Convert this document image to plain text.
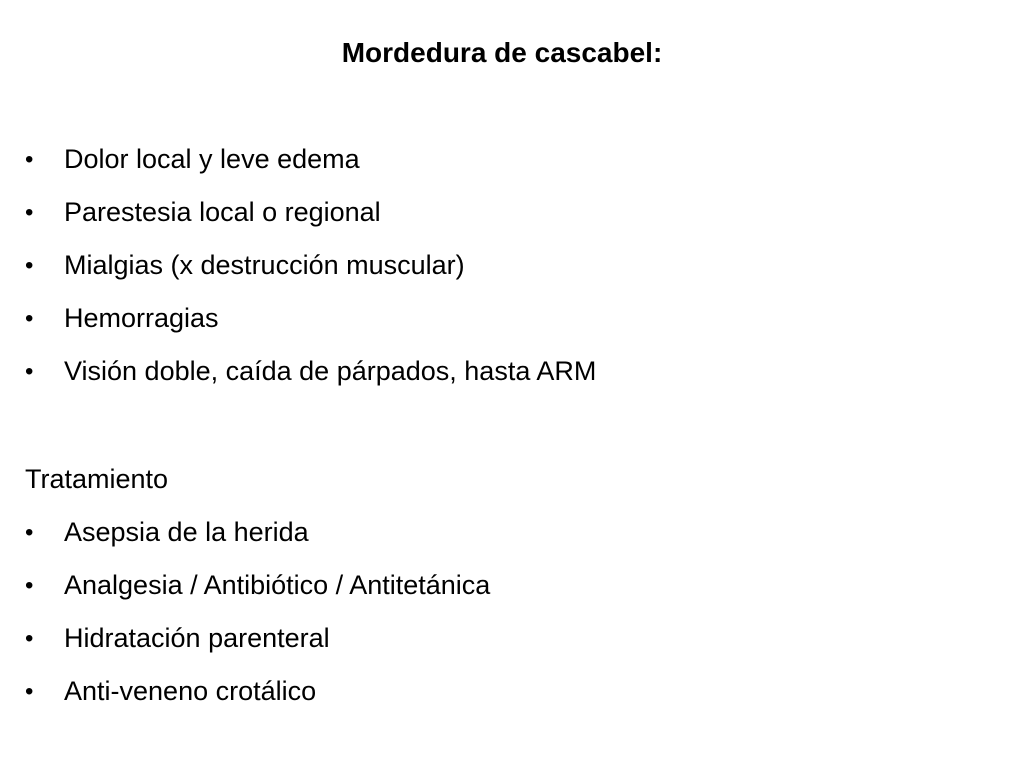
Mordedura de cascabel:
•	Dolor local y leve edema
•	Parestesia local o regional
•	Mialgias (x destrucción muscular)
•	Hemorragias
•	Visión doble, caída de párpados, hasta ARM
Tratamiento
•	Asepsia de la herida
•	Analgesia / Antibiótico / Antitetánica
•	Hidratación parenteral
•	Anti-veneno crotálico
